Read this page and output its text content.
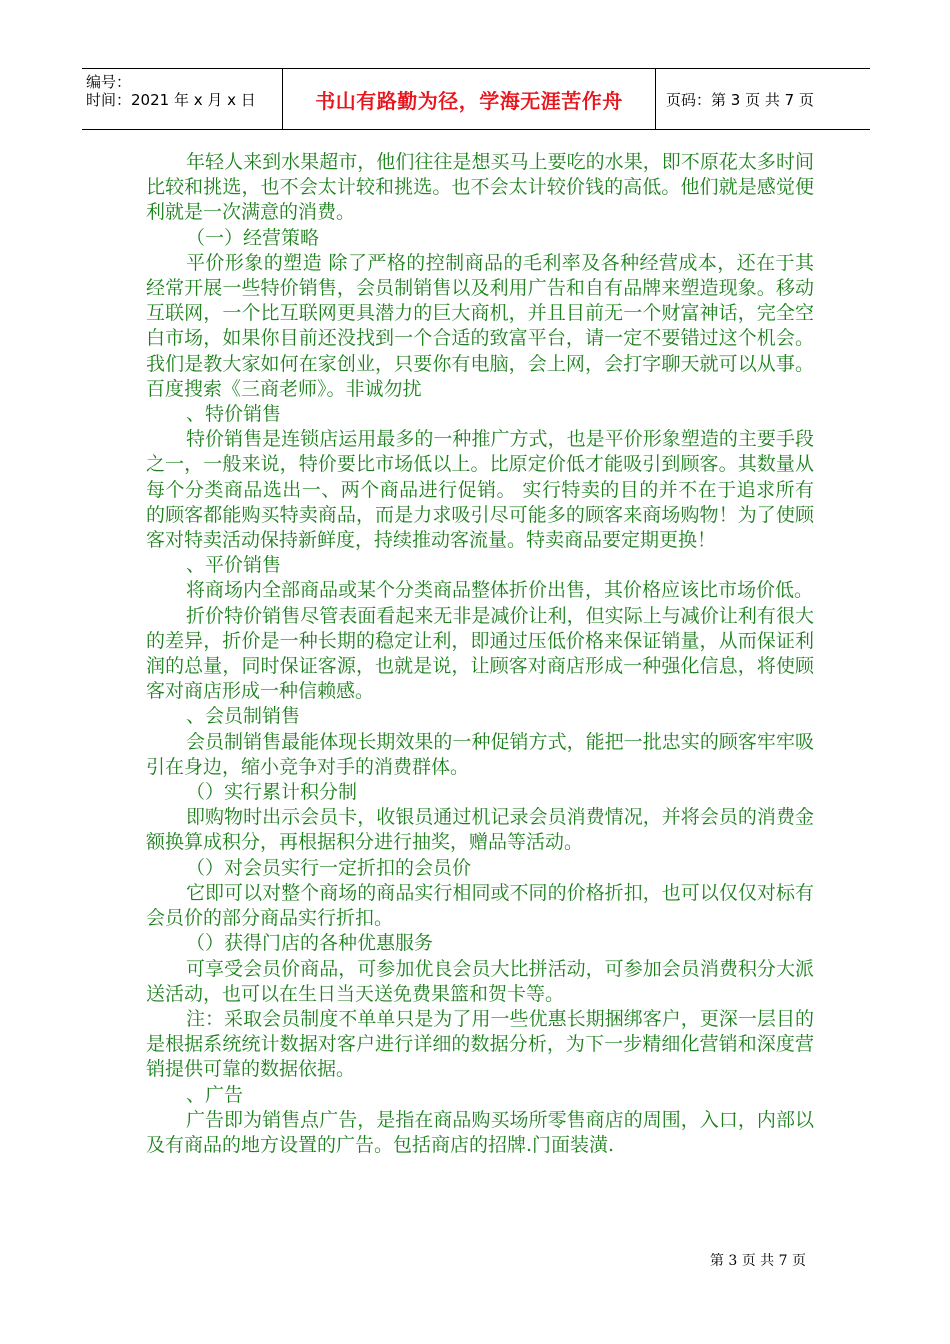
编号：
时间：2021 年 x 月 x 日	书山有路勤为径，学海无涯苦作舟	页码：第 3 页 共 7 页

年轻人来到水果超市，他们往往是想买马上要吃的水果，即不原花太多时间比较和挑选，也不会太计较和挑选。也不会太计较价钱的高低。他们就是感觉便利就是一次满意的消费。

（一）经营策略

平价形象的塑造 除了严格的控制商品的毛利率及各种经营成本，还在于其经常开展一些特价销售，会员制销售以及利用广告和自有品牌来塑造现象。移动互联网，一个比互联网更具潜力的巨大商机，并且目前无一个财富神话，完全空白市场，如果你目前还没找到一个合适的致富平台，请一定不要错过这个机会。我们是教大家如何在家创业，只要你有电脑，会上网，会打字聊天就可以从事。百度搜索《三商老师》。非诚勿扰

、特价销售

特价销售是连锁店运用最多的一种推广方式，也是平价形象塑造的主要手段之一，一般来说，特价要比市场低以上。比原定价低才能吸引到顾客。其数量从每个分类商品选出一、两个商品进行促销。 实行特卖的目的并不在于追求所有的顾客都能购买特卖商品，而是力求吸引尽可能多的顾客来商场购物！为了使顾客对特卖活动保持新鲜度，持续推动客流量。特卖商品要定期更换！

、平价销售

将商场内全部商品或某个分类商品整体折价出售，其价格应该比市场价低。

折价特价销售尽管表面看起来无非是减价让利，但实际上与减价让利有很大的差异，折价是一种长期的稳定让利，即通过压低价格来保证销量，从而保证利润的总量，同时保证客源，也就是说，让顾客对商店形成一种强化信息，将使顾客对商店形成一种信赖感。

、会员制销售

会员制销售最能体现长期效果的一种促销方式，能把一批忠实的顾客牢牢吸引在身边，缩小竞争对手的消费群体。

（）实行累计积分制

即购物时出示会员卡，收银员通过机记录会员消费情况，并将会员的消费金额换算成积分，再根据积分进行抽奖，赠品等活动。

（）对会员实行一定折扣的会员价

它即可以对整个商场的商品实行相同或不同的价格折扣，也可以仅仅对标有会员价的部分商品实行折扣。

（）获得门店的各种优惠服务

可享受会员价商品，可参加优良会员大比拼活动，可参加会员消费积分大派送活动，也可以在生日当天送免费果篮和贺卡等。

注：采取会员制度不单单只是为了用一些优惠长期捆绑客户，更深一层目的是根据系统统计数据对客户进行详细的数据分析，为下一步精细化营销和深度营销提供可靠的数据依据。

、广告

广告即为销售点广告，是指在商品购买场所零售商店的周围，入口，内部以及有商品的地方设置的广告。包括商店的招牌.门面装潢.

第 3 页 共 7 页
